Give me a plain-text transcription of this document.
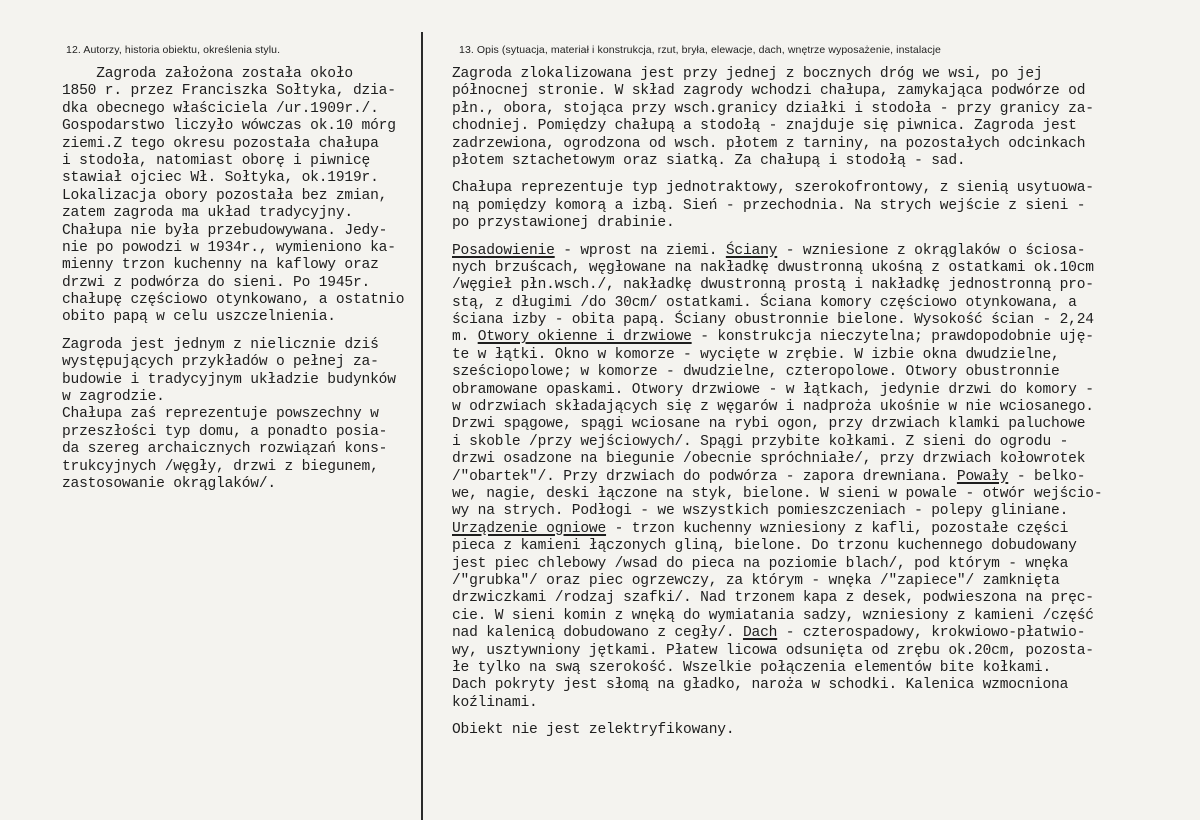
12. Autorzy, historia obiektu, określenia stylu.	13. Opis (sytuacja, materiał i konstrukcja, rzut, bryła, elewacje, dach, wnętrze wyposażenie, instalacje
Zagroda założona została około
1850 r. przez Franciszka Sołtyka, dzia-
dka obecnego właściciela /ur.1909r./.
Gospodarstwo liczyło wówczas ok.10 mórg
ziemi.Z tego okresu pozostała chałupa
i stodoła, natomiast oborę i piwnicę
stawiał ojciec Wł. Sołtyka, ok.1919r.
Lokalizacja obory pozostała bez zmian,
zatem zagroda ma układ tradycyjny.
Chałupa nie była przebudowywana. Jedy-
nie po powodzi w 1934r., wymieniono ka-
mienny trzon kuchenny na kaflowy oraz
drzwi z podwórza do sieni. Po 1945r.
chałupę częściowo otynkowano, a ostatnio
obito papą w celu uszczelnienia.
Zagroda jest jednym z nielicznie dziś
występujących przykładów o pełnej za-
budowie i tradycyjnym układzie budynków
w zagrodzie.
Chałupa zaś reprezentuje powszechny w
przeszłości typ domu, a ponadto posia-
da szereg archaicznych rozwiązań kons-
trukcyjnych /węgły, drzwi z biegunem,
zastosowanie okrąglaków/.
Zagroda zlokalizowana jest przy jednej z bocznych dróg we wsi, po jej
północnej stronie. W skład zagrody wchodzi chałupa, zamykająca podwórze od
płn., obora, stojąca przy wsch.granicy działki i stodoła - przy granicy za-
chodniej. Pomiędzy chałupą a stodołą - znajduje się piwnica. Zagroda jest
zadrzewiona, ogrodzona od wsch. płotem z tarniny, na pozostałych odcinkach
płotem sztachetowym oraz siatką. Za chałupą i stodołą - sad.
Chałupa reprezentuje typ jednotraktowy, szerokofrontowy, z sienią usytuowa-
ną pomiędzy komorą a izbą. Sień - przechodnia. Na strych wejście z sieni -
po przystawionej drabinie.
Posadowienie - wprost na ziemi. Ściany - wzniesione z okrąglaków o ściosa-
nych brzuścach, węgłowane na nakładkę dwustronną ukośną z ostatkami ok.10cm
/węgieł płn.wsch./, nakładkę dwustronną prostą i nakładkę jednostronną pro-
stą, z długimi /do 30cm/ ostatkami. Ściana komory częściowo otynkowana, a
ściana izby - obita papą. Ściany obustronnie bielone. Wysokość ścian - 2,24
m. Otwory okienne i drzwiowe - konstrukcja nieczytelna; prawdopodobnie uję-
te w łątki. Okno w komorze - wycięte w zrębie. W izbie okna dwudzielne,
sześciopolowe; w komorze - dwudzielne, czteropolowe. Otwory obustronnie
obramowane opaskami. Otwory drzwiowe - w łątkach, jedynie drzwi do komory -
w odrzwiach składających się z węgarów i nadproża ukośnie w nie wciosanego.
Drzwi spągowe, spągi wciosane na rybi ogon, przy drzwiach klamki paluchowe
i skoble /przy wejściowych/. Spągi przybite kołkami. Z sieni do ogrodu -
drzwi osadzone na biegunie /obecnie spróchniałe/, przy drzwiach kołowrotek
/"obartek"/. Przy drzwiach do podwórza - zapora drewniana. Powały - belko-
we, nagie, deski łączone na styk, bielone. W sieni w powale - otwór wejścio-
wy na strych. Podłogi - we wszystkich pomieszczeniach - polepy gliniane.
Urządzenie ogniowe - trzon kuchenny wzniesiony z kafli, pozostałe części
pieca z kamieni łączonych gliną, bielone. Do trzonu kuchennego dobudowany
jest piec chlebowy /wsad do pieca na poziomie blach/, pod którym - wnęka
/"grubka"/ oraz piec ogrzewczy, za którym - wnęka /"zapiece"/ zamknięta
drzwiczkami /rodzaj szafki/. Nad trzonem kapa z desek, podwieszona na pręc-
cie. W sieni komin z wnęką do wymiatania sadzy, wzniesiony z kamieni /część
nad kalenicą dobudowano z cegły/. Dach - czterospadowy, krokwiowo-płatwio-
wy, usztywniony jętkami. Płatew licowa odsunięta od zrębu ok.20cm, pozosta-
łe tylko na swą szerokość. Wszelkie połączenia elementów bite kołkami.
Dach pokryty jest słomą na gładko, naroża w schodki. Kalenica wzmocniona
koźlinami.
Obiekt nie jest zelektryfikowany.
